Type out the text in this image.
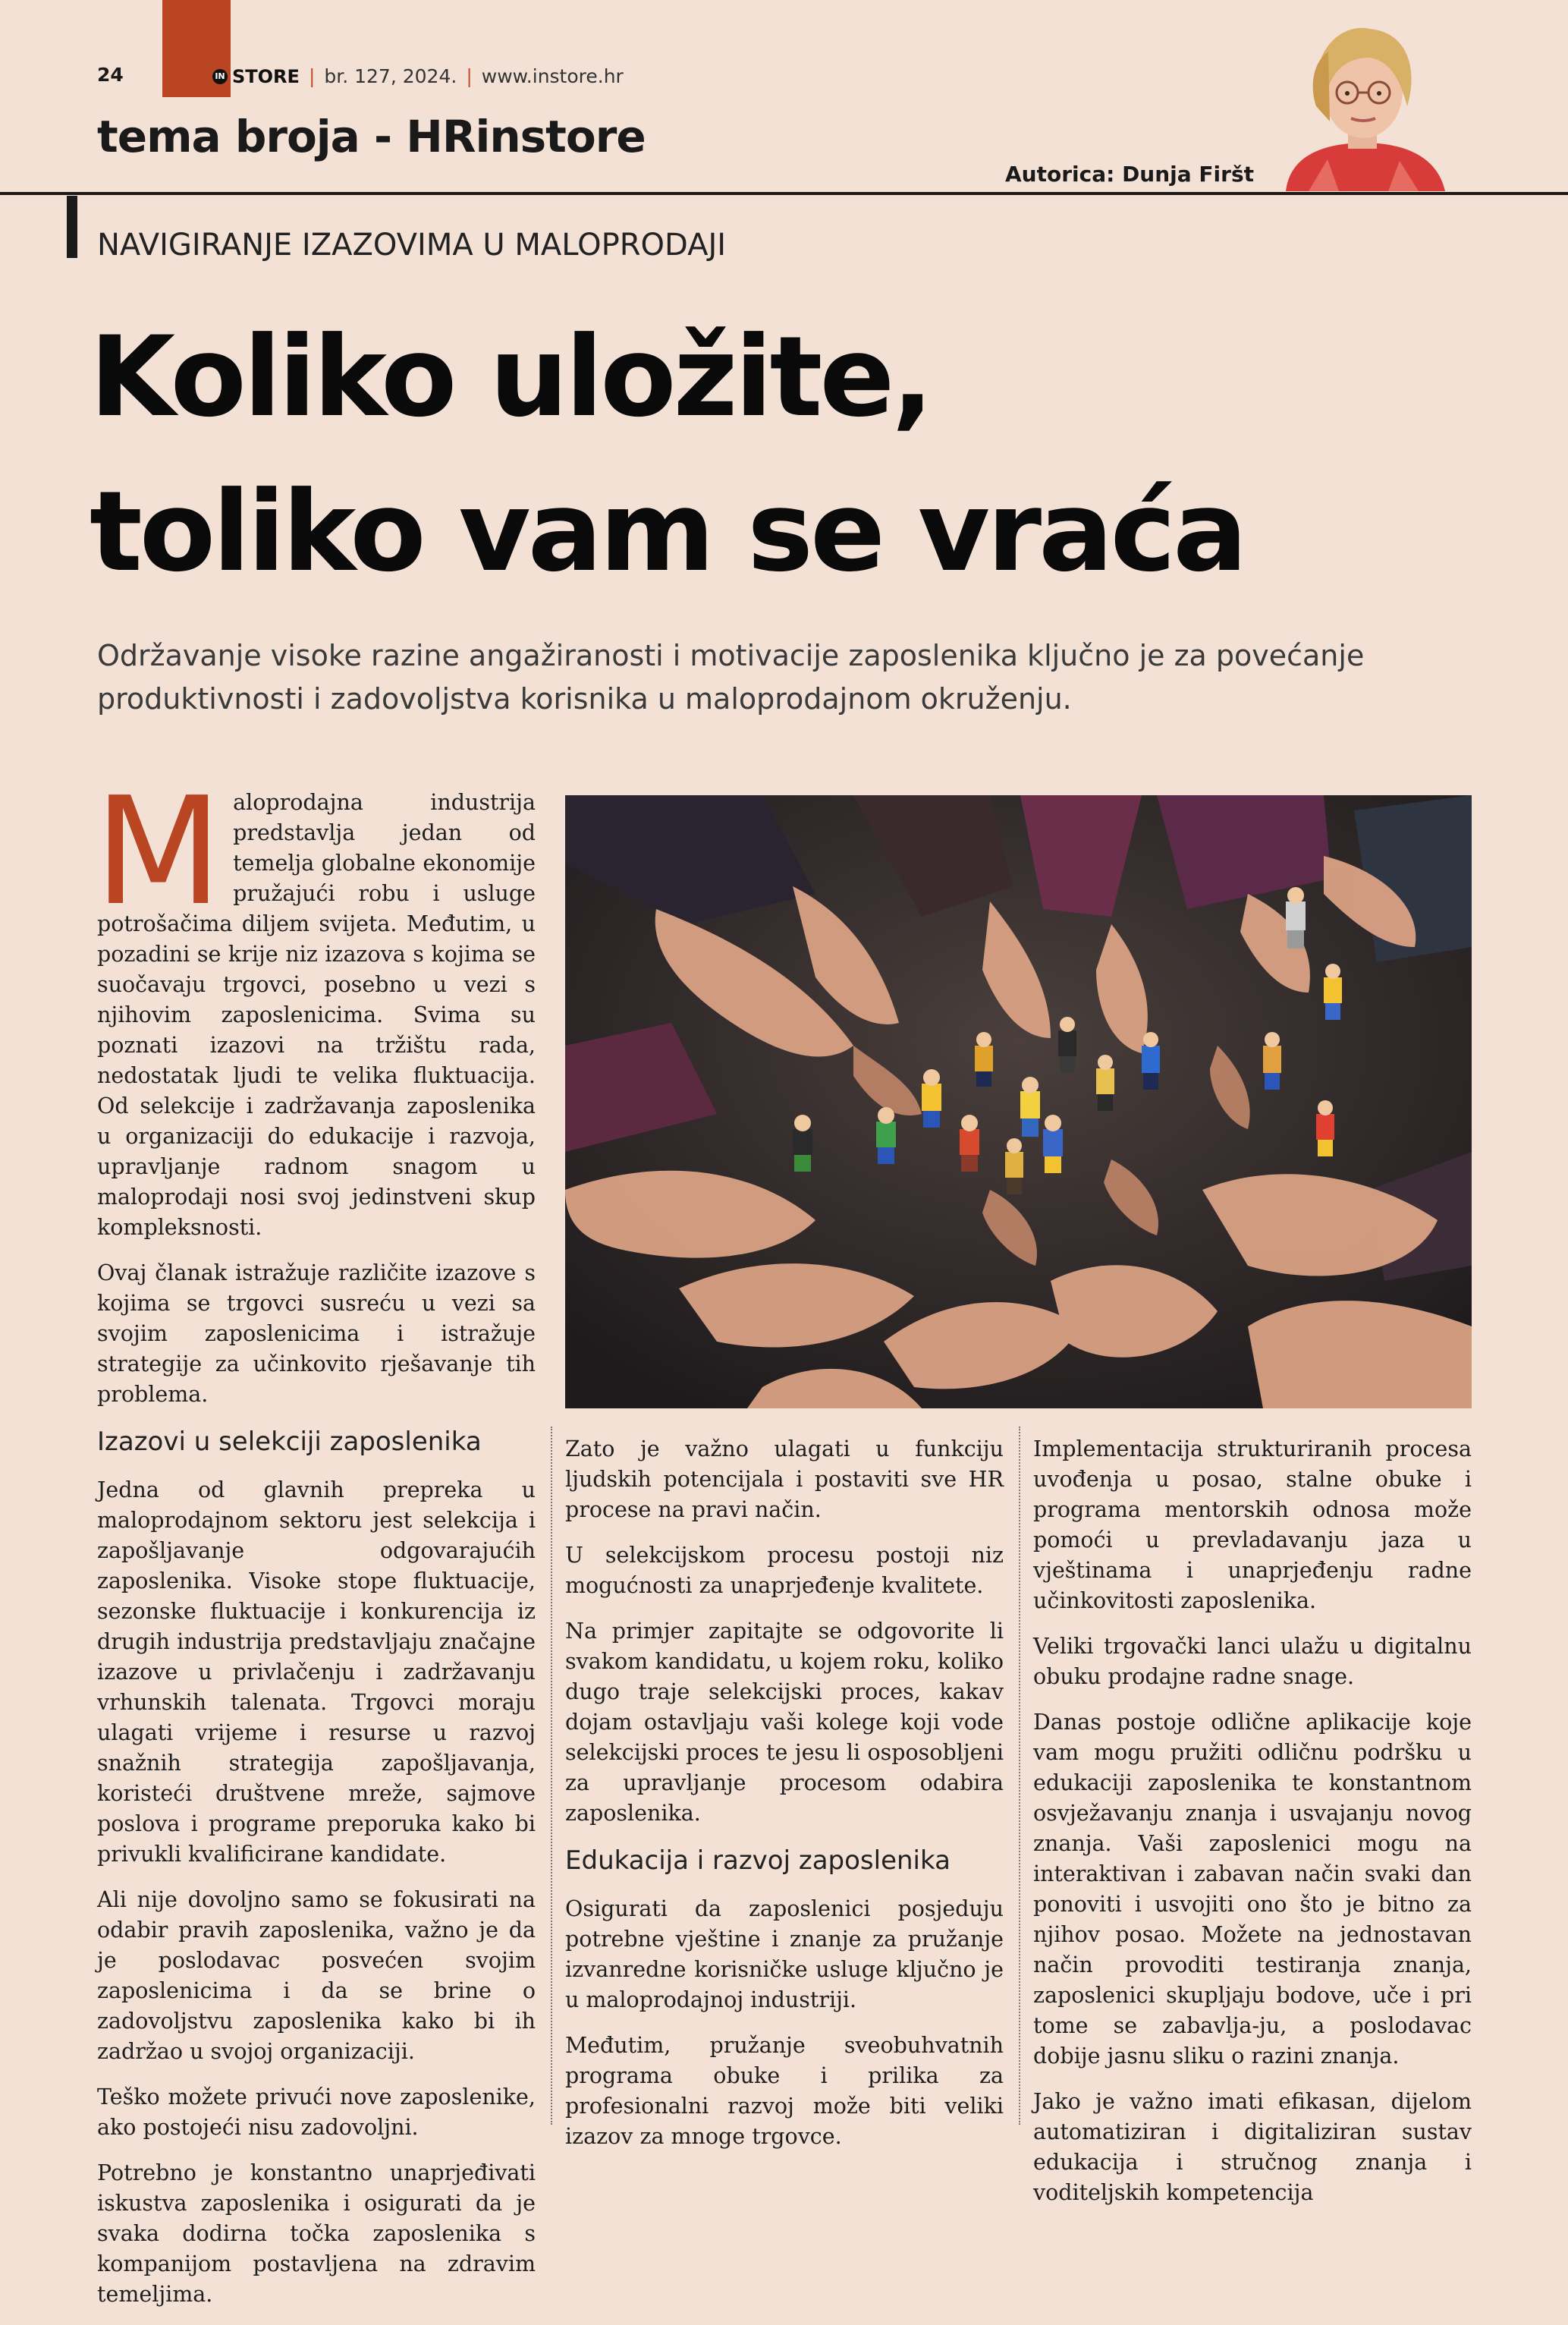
24	IN STORE | br. 127, 2024. | www.instore.hr
tema broja - HRinstore
Autorica: Dunja Firšt
NAVIGIRANJE IZAZOVIMA U MALOPRODAJI
Koliko uložite,
toliko vam se vraća

Održavanje visoke razine angažiranosti i motivacije zaposlenika ključno je za povećanje produktivnosti i zadovoljstva korisnika u maloprodajnom okruženju.

Maloprodajna industrija predstavlja jedan od temelja globalne ekonomije pružajući robu i usluge potrošačima diljem svijeta. Međutim, u pozadini se krije niz izazova s kojima se suočavaju trgovci, posebno u vezi s njihovim zaposlenicima. Svima su poznati izazovi na tržištu rada, nedostatak ljudi te velika fluktuacija. Od selekcije i zadržavanja zaposlenika u organizaciji do edukacije i razvoja, upravljanje radnom snagom u maloprodaji nosi svoj jedinstveni skup kompleksnosti.

Ovaj članak istražuje različite izazove s kojima se trgovci susreću u vezi sa svojim zaposlenicima i istražuje strategije za učinkovito rješavanje tih problema.

Izazovi u selekciji zaposlenika

Jedna od glavnih prepreka u maloprodajnom sektoru jest selekcija i zapošljavanje odgovarajućih zaposlenika. Visoke stope fluktuacije, sezonske fluktuacije i konkurencija iz drugih industrija predstavljaju značajne izazove u privlačenju i zadržavanju vrhunskih talenata. Trgovci moraju ulagati vrijeme i resurse u razvoj snažnih strategija zapošljavanja, koristeći društvene mreže, sajmove poslova i programe preporuka kako bi privukli kvalificirane kandidate.

Ali nije dovoljno samo se fokusirati na odabir pravih zaposlenika, važno je da je poslodavac posvećen svojim zaposlenicima i da se brine o zadovoljstvu zaposlenika kako bi ih zadržao u svojoj organizaciji.

Teško možete privući nove zaposlenike, ako postojeći nisu zadovoljni.

Potrebno je konstantno unaprjeđivati iskustva zaposlenika i osigurati da je svaka dodirna točka zaposlenika s kompanijom postavljena na zdravim temeljima.

Zato je važno ulagati u funkciju ljudskih potencijala i postaviti sve HR procese na pravi način.

U selekcijskom procesu postoji niz mogućnosti za unaprjeđenje kvalitete.

Na primjer zapitajte se odgovorite li svakom kandidatu, u kojem roku, koliko dugo traje selekcijski proces, kakav dojam ostavljaju vaši kolege koji vode selekcijski proces te jesu li osposobljeni za upravljanje procesom odabira zaposlenika.

Edukacija i razvoj zaposlenika

Osigurati da zaposlenici posjeduju potrebne vještine i znanje za pružanje izvanredne korisničke usluge ključno je u maloprodajnoj industriji.

Međutim, pružanje sveobuhvatnih programa obuke i prilika za profesionalni razvoj može biti veliki izazov za mnoge trgovce.

Implementacija strukturiranih procesa uvođenja u posao, stalne obuke i programa mentorskih odnosa može pomoći u prevladavanju jaza u vještinama i unaprjeđenju radne učinkovitosti zaposlenika.

Veliki trgovački lanci ulažu u digitalnu obuku prodajne radne snage.

Danas postoje odlične aplikacije koje vam mogu pružiti odličnu podršku u edukaciji zaposlenika te konstantnom osvježavanju znanja i usvajanju novog znanja. Vaši zaposlenici mogu na interaktivan i zabavan način svaki dan ponoviti i usvojiti ono što je bitno za njihov posao. Možete na jednostavan način provoditi testiranja znanja, zaposlenici skupljaju bodove, uče i pri tome se zabavlja-ju, a poslodavac dobije jasnu sliku o razini znanja.

Jako je važno imati efikasan, dijelom automatiziran i digitaliziran sustav edukacija i stručnog znanja i voditeljskih kompetencija
